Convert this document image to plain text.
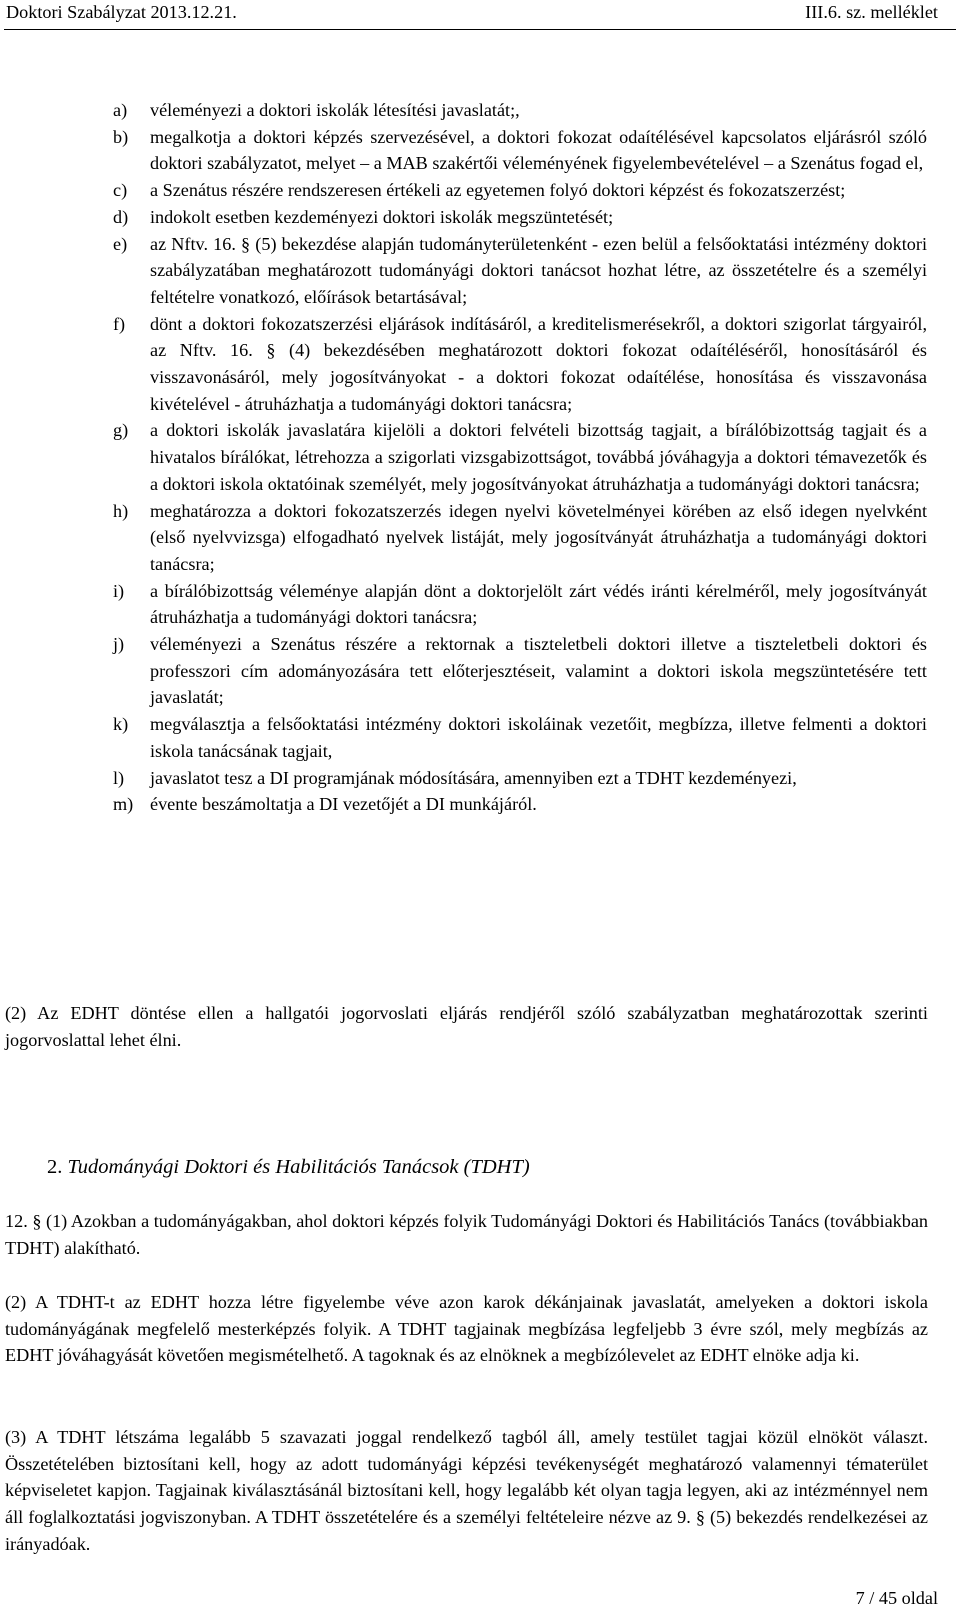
Doktori Szabályzat 2013.12.21.	III.6. sz. melléklet
a) véleményezi a doktori iskolák létesítési javaslatát;,
b) megalkotja a doktori képzés szervezésével, a doktori fokozat odaítélésével kapcsolatos eljárásról szóló doktori szabályzatot, melyet – a MAB szakértői véleményének figyelembevételével – a Szenátus fogad el,
c) a Szenátus részére rendszeresen értékeli az egyetemen folyó doktori képzést és fokozatszerzést;
d) indokolt esetben kezdeményezi doktori iskolák megszüntetését;
e) az Nftv. 16. § (5) bekezdése alapján tudományterületenként - ezen belül a felsőoktatási intézmény doktori szabályzatában meghatározott tudományági doktori tanácsot hozhat létre, az összetételre és a személyi feltételre vonatkozó, előírások betartásával;
f) dönt a doktori fokozatszerzési eljárások indításáról, a kreditelismerésekről, a doktori szigorlat tárgyairól, az Nftv. 16. § (4) bekezdésében meghatározott doktori fokozat odaítéléséről, honosításáról és visszavonásáról, mely jogosítványokat - a doktori fokozat odaítélése, honosítása és visszavonása kivételével - átruházhatja a tudományági doktori tanácsra;
g) a doktori iskolák javaslatára kijelöli a doktori felvételi bizottság tagjait, a bírálóbizottság tagjait és a hivatalos bírálókat, létrehozza a szigorlati vizsgabizottságot, továbbá jóváhagyja a doktori témavezetők és a doktori iskola oktatóinak személyét, mely jogosítványokat átruházhatja a tudományági doktori tanácsra;
h) meghatározza a doktori fokozatszerzés idegen nyelvi követelményei körében az első idegen nyelvként (első nyelvvizsga) elfogadható nyelvek listáját, mely jogosítványát átruházhatja a tudományági doktori tanácsra;
i) a bírálóbizottság véleménye alapján dönt a doktorjelölt zárt védés iránti kérelméről, mely jogosítványát átruházhatja a tudományági doktori tanácsra;
j) véleményezi a Szenátus részére a rektornak a tiszteletbeli doktori illetve a tiszteletbeli doktori és professzori cím adományozására tett előterjesztéseit, valamint a doktori iskola megszüntetésére tett javaslatát;
k) megválasztja a felsőoktatási intézmény doktori iskoláinak vezetőit, megbízza, illetve felmenti a doktori iskola tanácsának tagjait,
l) javaslatot tesz a DI programjának módosítására, amennyiben ezt a TDHT kezdeményezi,
m) évente beszámoltatja a DI vezetőjét a DI munkájáról.

(2) Az EDHT döntése ellen a hallgatói jogorvoslati eljárás rendjéről szóló szabályzatban meghatározottak szerinti jogorvoslattal lehet élni.

2. Tudományági Doktori és Habilitációs Tanácsok (TDHT)

12. § (1) Azokban a tudományágakban, ahol doktori képzés folyik Tudományági Doktori és Habilitációs Tanács (továbbiakban TDHT) alakítható.

(2) A TDHT-t az EDHT hozza létre figyelembe véve azon karok dékánjainak javaslatát, amelyeken a doktori iskola tudományágának megfelelő mesterképzés folyik. A TDHT tagjainak megbízása legfeljebb 3 évre szól, mely megbízás az EDHT jóváhagyását követően megismételhető. A tagoknak és az elnöknek a megbízólevelet az EDHT elnöke adja ki.

(3) A TDHT létszáma legalább 5 szavazati joggal rendelkező tagból áll, amely testület tagjai közül elnököt választ. Összetételében biztosítani kell, hogy az adott tudományági képzési tevékenységét meghatározó valamennyi tématerület képviseletet kapjon. Tagjainak kiválasztásánál biztosítani kell, hogy legalább két olyan tagja legyen, aki az intézménnyel nem áll foglalkoztatási jogviszonyban. A TDHT összetételére és a személyi feltételeire nézve az 9. § (5) bekezdés rendelkezései az irányadóak.

7 / 45 oldal
